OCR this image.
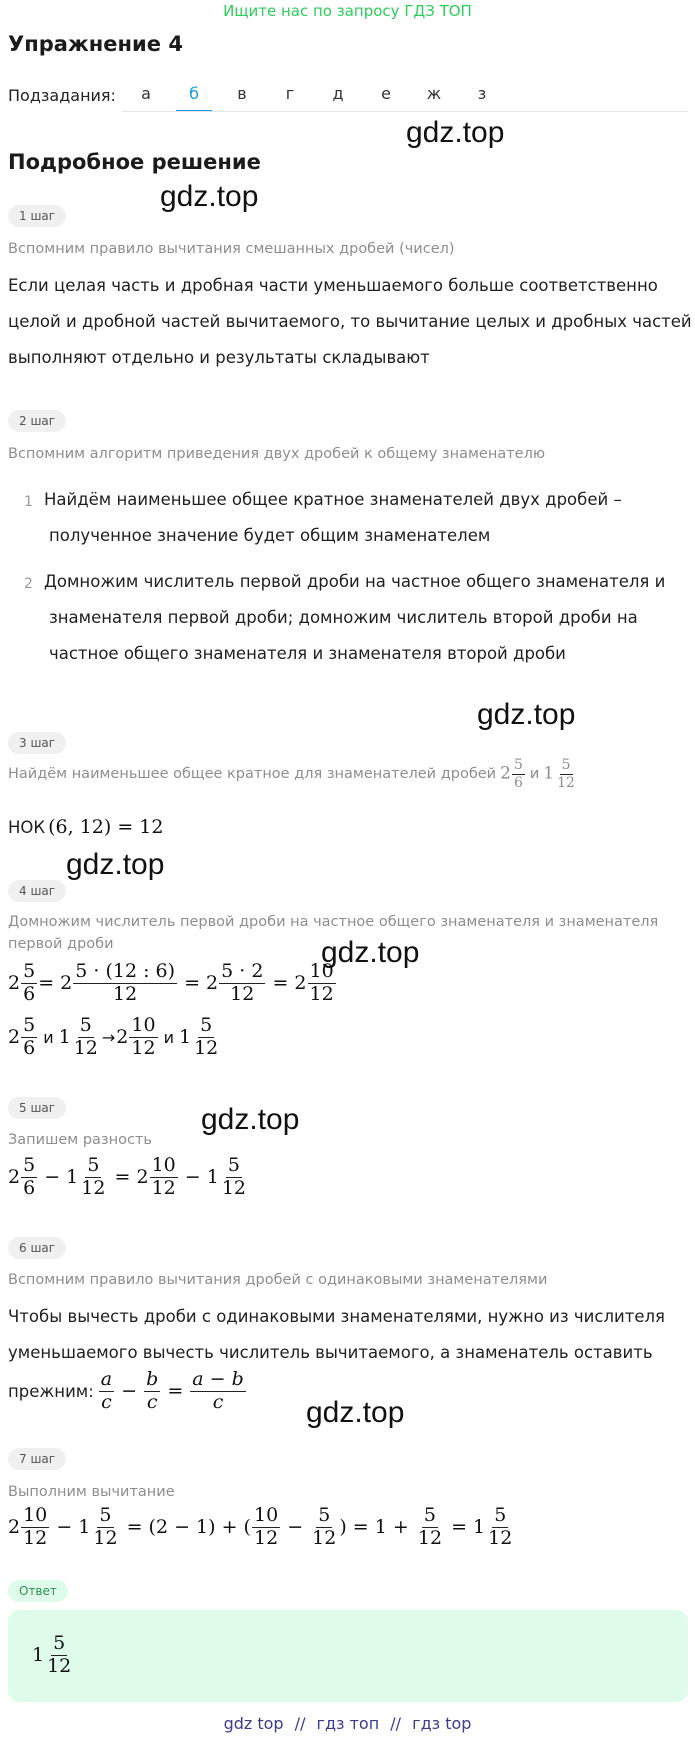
Ищите нас по запросу ГДЗ ТОП
Упражнение 4
Подзадания:	а	б	в	г	д	е	ж	з
gdz.top
gdz.top
gdz.top
gdz.top
gdz.top
gdz.top
gdz.top
Подробное решение
1 шаг
Вспомним правило вычитания смешанных дробей (чисел)
Если целая часть и дробная части уменьшаемого больше соответственно
целой и дробной частей вычитаемого, то вычитание целых и дробных частей
выполняют отдельно и результаты складывают
2 шаг
Вспомним алгоритм приведения двух дробей к общему знаменателю
1 Найдём наименьшее общее кратное знаменателей двух дробей –
полученное значение будет общим знаменателем
2 Домножим числитель первой дроби на частное общего знаменателя и
знаменателя первой дроби; домножим числитель второй дроби на
частное общего знаменателя и знаменателя второй дроби
3 шаг
Найдём наименьшее общее кратное для знаменателей дробей $2 \frac{5}{6}$ и $1 \frac{5}{12}$
НОК (6, 12) = 12
4 шаг
Домножим числитель первой дроби на частное общего знаменателя и знаменателя
первой дроби
$2 \frac{5}{6} = 2 \frac{5 \cdot (12 : 6)}{12} = 2 \frac{5 \cdot 2}{12} = 2 \frac{10}{12}$
$2 \frac{5}{6}$ и $1 \frac{5}{12} \to 2 \frac{10}{12}$ и $1 \frac{5}{12}$
5 шаг
Запишем разность
$2 \frac{5}{6} - 1 \frac{5}{12} = 2 \frac{10}{12} - 1 \frac{5}{12}$
6 шаг
Вспомним правило вычитания дробей с одинаковыми знаменателями
Чтобы вычесть дроби с одинаковыми знаменателями, нужно из числителя
уменьшаемого вычесть числитель вычитаемого, а знаменатель оставить
прежним: $\frac{a}{c} - \frac{b}{c} = \frac{a - b}{c}$
7 шаг
Выполним вычитание
$2 \frac{10}{12} - 1 \frac{5}{12} = (2 - 1)$ + ( $\frac{10}{12} - \frac{5}{12}$ ) = $1 + \frac{5}{12} = 1 \frac{5}{12}$
Ответ
$1 \frac{5}{12}$
gdz top // гдз топ // гдз top
